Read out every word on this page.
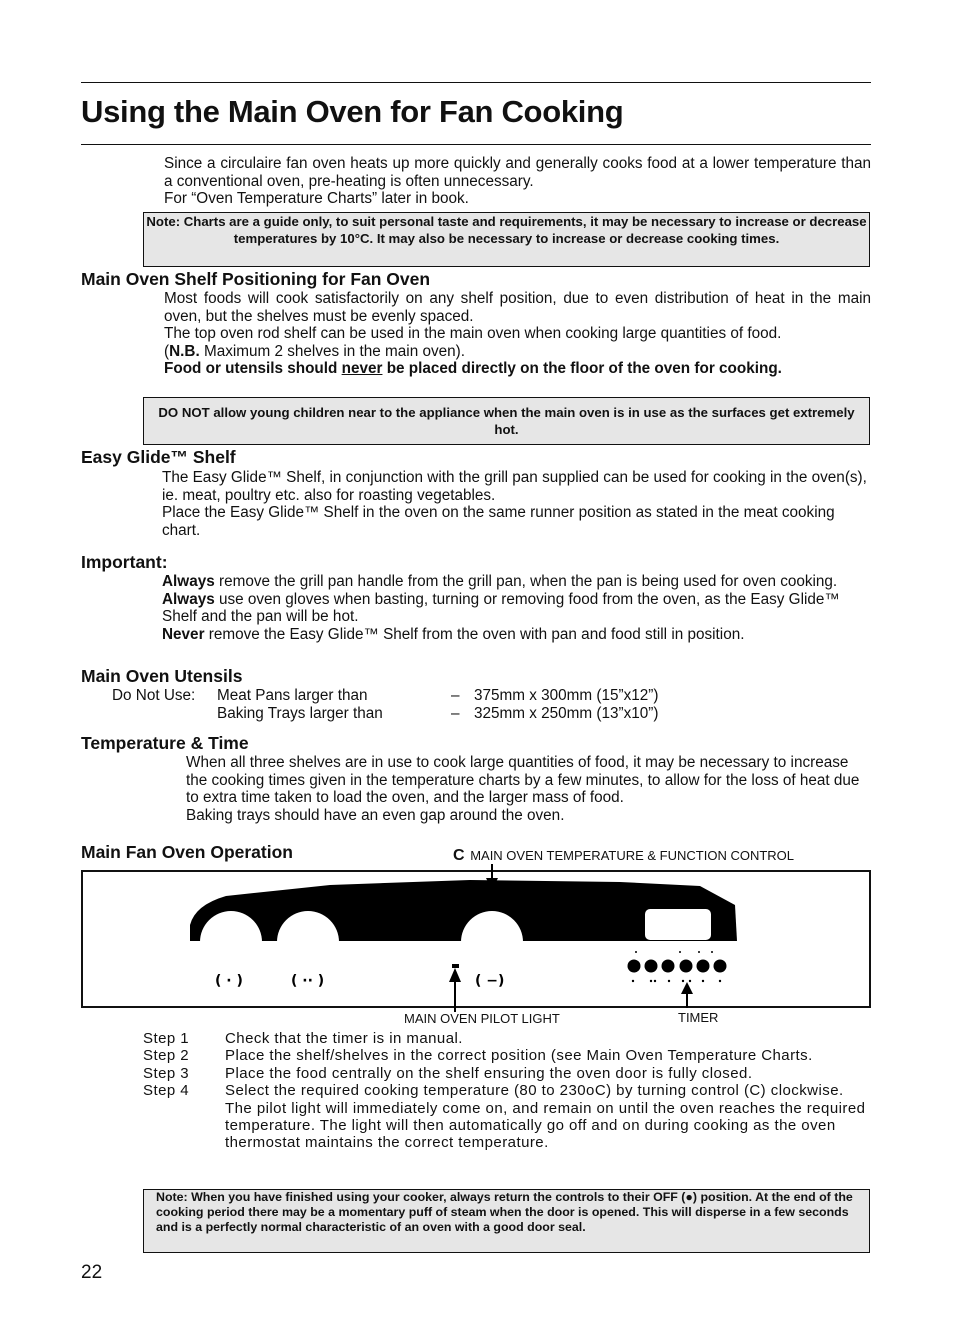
Using the Main Oven for Fan Cooking

Since a circulaire fan oven heats up more quickly and generally cooks food at a lower temperature than a conventional oven, pre-heating is often unnecessary.
For “Oven Temperature Charts” later in book.

Note: Charts are a guide only, to suit personal taste and requirements, it may be necessary to increase or decrease temperatures by 10°C. It may also be necessary to increase or decrease cooking times.
Main Oven Shelf Positioning for Fan Oven
Most foods will cook satisfactorily on any shelf position, due to even distribution of heat in the main oven, but the shelves must be evenly spaced.
The top oven rod shelf can be used in the main oven when cooking large quantities of food.
(N.B. Maximum 2 shelves in the main oven).
Food or utensils should never be placed directly on the floor of the oven for cooking.
DO NOT allow young children near to the appliance when the main oven is in use as the surfaces get extremely hot.
Easy Glide™ Shelf
The Easy Glide™ Shelf, in conjunction with the grill pan supplied can be used for cooking in the oven(s), ie. meat, poultry etc. also for roasting vegetables.
Place the Easy Glide™ Shelf in the oven on the same runner position as stated in the meat cooking chart.
Important:
Always remove the grill pan handle from the grill pan, when the pan is being used for oven cooking.
Always use oven gloves when basting, turning or removing food from the oven, as the Easy Glide™ Shelf and the pan will be hot.
Never remove the Easy Glide™ Shelf from the oven with pan and food still in position.
Main Oven Utensils
Do Not Use: Meat Pans larger than	– 375mm x 300mm (15”x12”)
Baking Trays larger than	– 325mm x 250mm (13”x10”)
Temperature & Time
When all three shelves are in use to cook large quantities of food, it may be necessary to increase the cooking times given in the temperature charts by a few minutes, to allow for the loss of heat due to extra time taken to load the oven, and the larger mass of food.
Baking trays should have an even gap around the oven.
Main Fan Oven Operation	C MAIN OVEN TEMPERATURE & FUNCTION CONTROL
( · )	( ·· )	( −)
MAIN OVEN PILOT LIGHT	TIMER
Step 1	Check that the timer is in manual.
Step 2	Place the shelf/shelves in the correct position (see Main Oven Temperature Charts.
Step 3	Place the food centrally on the shelf ensuring the oven door is fully closed.
Step 4	Select the required cooking temperature (80 to 230oC) by turning control (C) clockwise. The pilot light will immediately come on, and remain on until the oven reaches the required temperature. The light will then automatically go off and on during cooking as the oven thermostat maintains the correct temperature.
Note: When you have finished using your cooker, always return the controls to their OFF (●) position. At the end of the cooking period there may be a momentary puff of steam when the door is opened. This will disperse in a few seconds and is a perfectly normal characteristic of an oven with a good door seal.
22
